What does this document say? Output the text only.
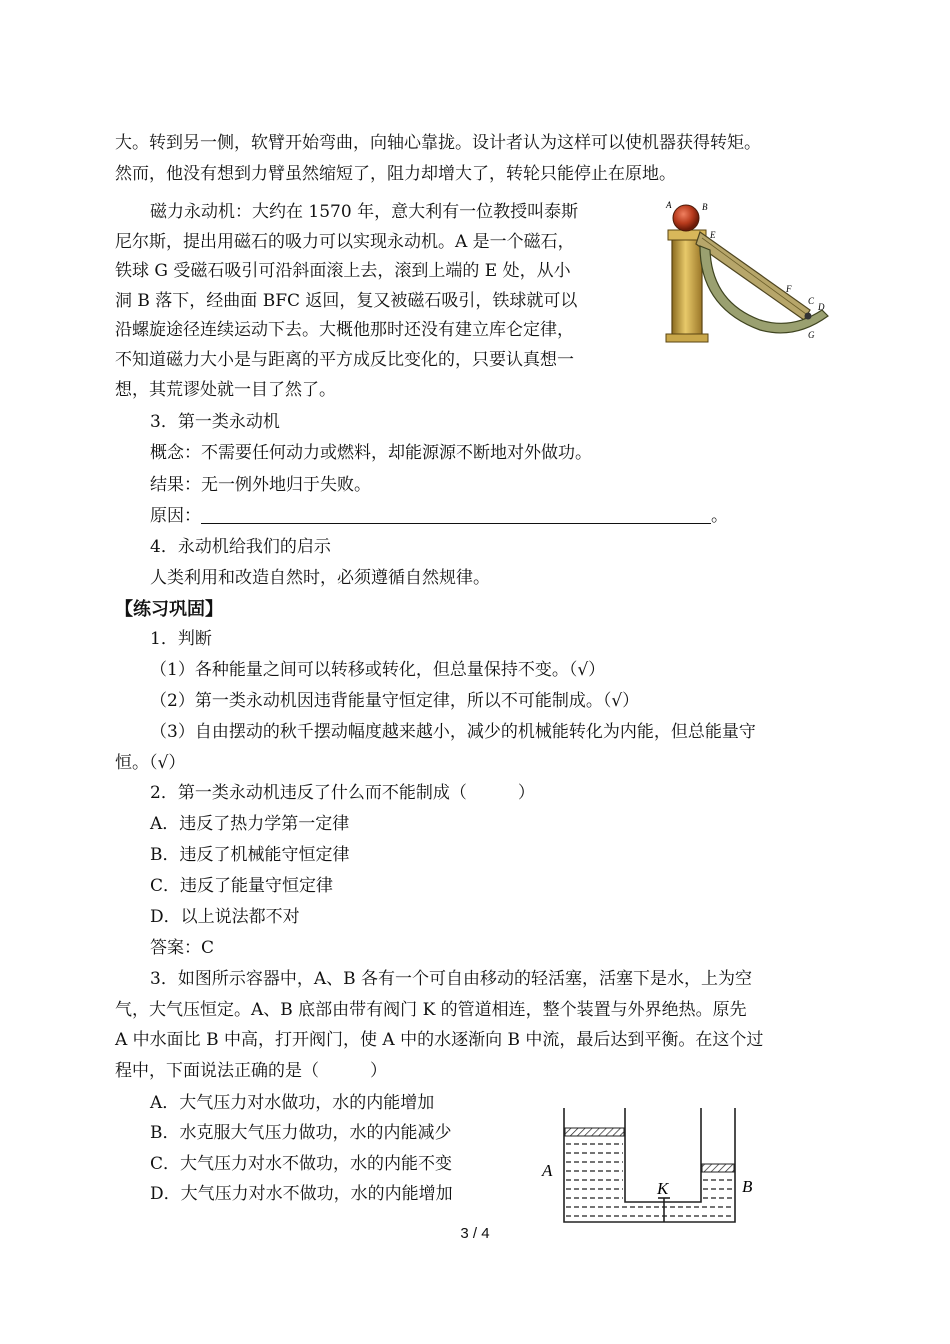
大。转到另一侧，软臂开始弯曲，向轴心靠拢。设计者认为这样可以使机器获得转矩。
然而，他没有想到力臂虽然缩短了，阻力却增大了，转轮只能停止在原地。
磁力永动机：大约在 1570 年，意大利有一位教授叫泰斯
尼尔斯，提出用磁石的吸力可以实现永动机。A 是一个磁石，
铁球 G 受磁石吸引可沿斜面滚上去，滚到上端的 E 处，从小
洞 B 落下，经曲面 BFC 返回，复又被磁石吸引，铁球就可以
沿螺旋途径连续运动下去。大概他那时还没有建立库仑定律，
不知道磁力大小是与距离的平方成反比变化的，只要认真想一
想，其荒谬处就一目了然了。
A	B
E
F
C
D
G
3．第一类永动机
概念：不需要任何动力或燃料，却能源源不断地对外做功。
结果：无一例外地归于失败。
原因：	。
4．永动机给我们的启示
人类利用和改造自然时，必须遵循自然规律。
【练习巩固】
1．判断
（1）各种能量之间可以转移或转化，但总量保持不变。（√）
（2）第一类永动机因违背能量守恒定律，所以不可能制成。（√）
（3）自由摆动的秋千摆动幅度越来越小，减少的机械能转化为内能，但总能量守
恒。（√）
2．第一类永动机违反了什么而不能制成（　　　）
A．违反了热力学第一定律
B．违反了机械能守恒定律
C．违反了能量守恒定律
D．以上说法都不对
答案：C
3．如图所示容器中，A、B 各有一个可自由移动的轻活塞，活塞下是水，上为空
气，大气压恒定。A、B 底部由带有阀门 K 的管道相连，整个装置与外界绝热。原先
A 中水面比 B 中高，打开阀门，使 A 中的水逐渐向 B 中流，最后达到平衡。在这个过
程中，下面说法正确的是（　　　）
A．大气压力对水做功，水的内能增加
B．水克服大气压力做功，水的内能减少
C．大气压力对水不做功，水的内能不变
D．大气压力对水不做功，水的内能增加
A
B
K
3 / 4
